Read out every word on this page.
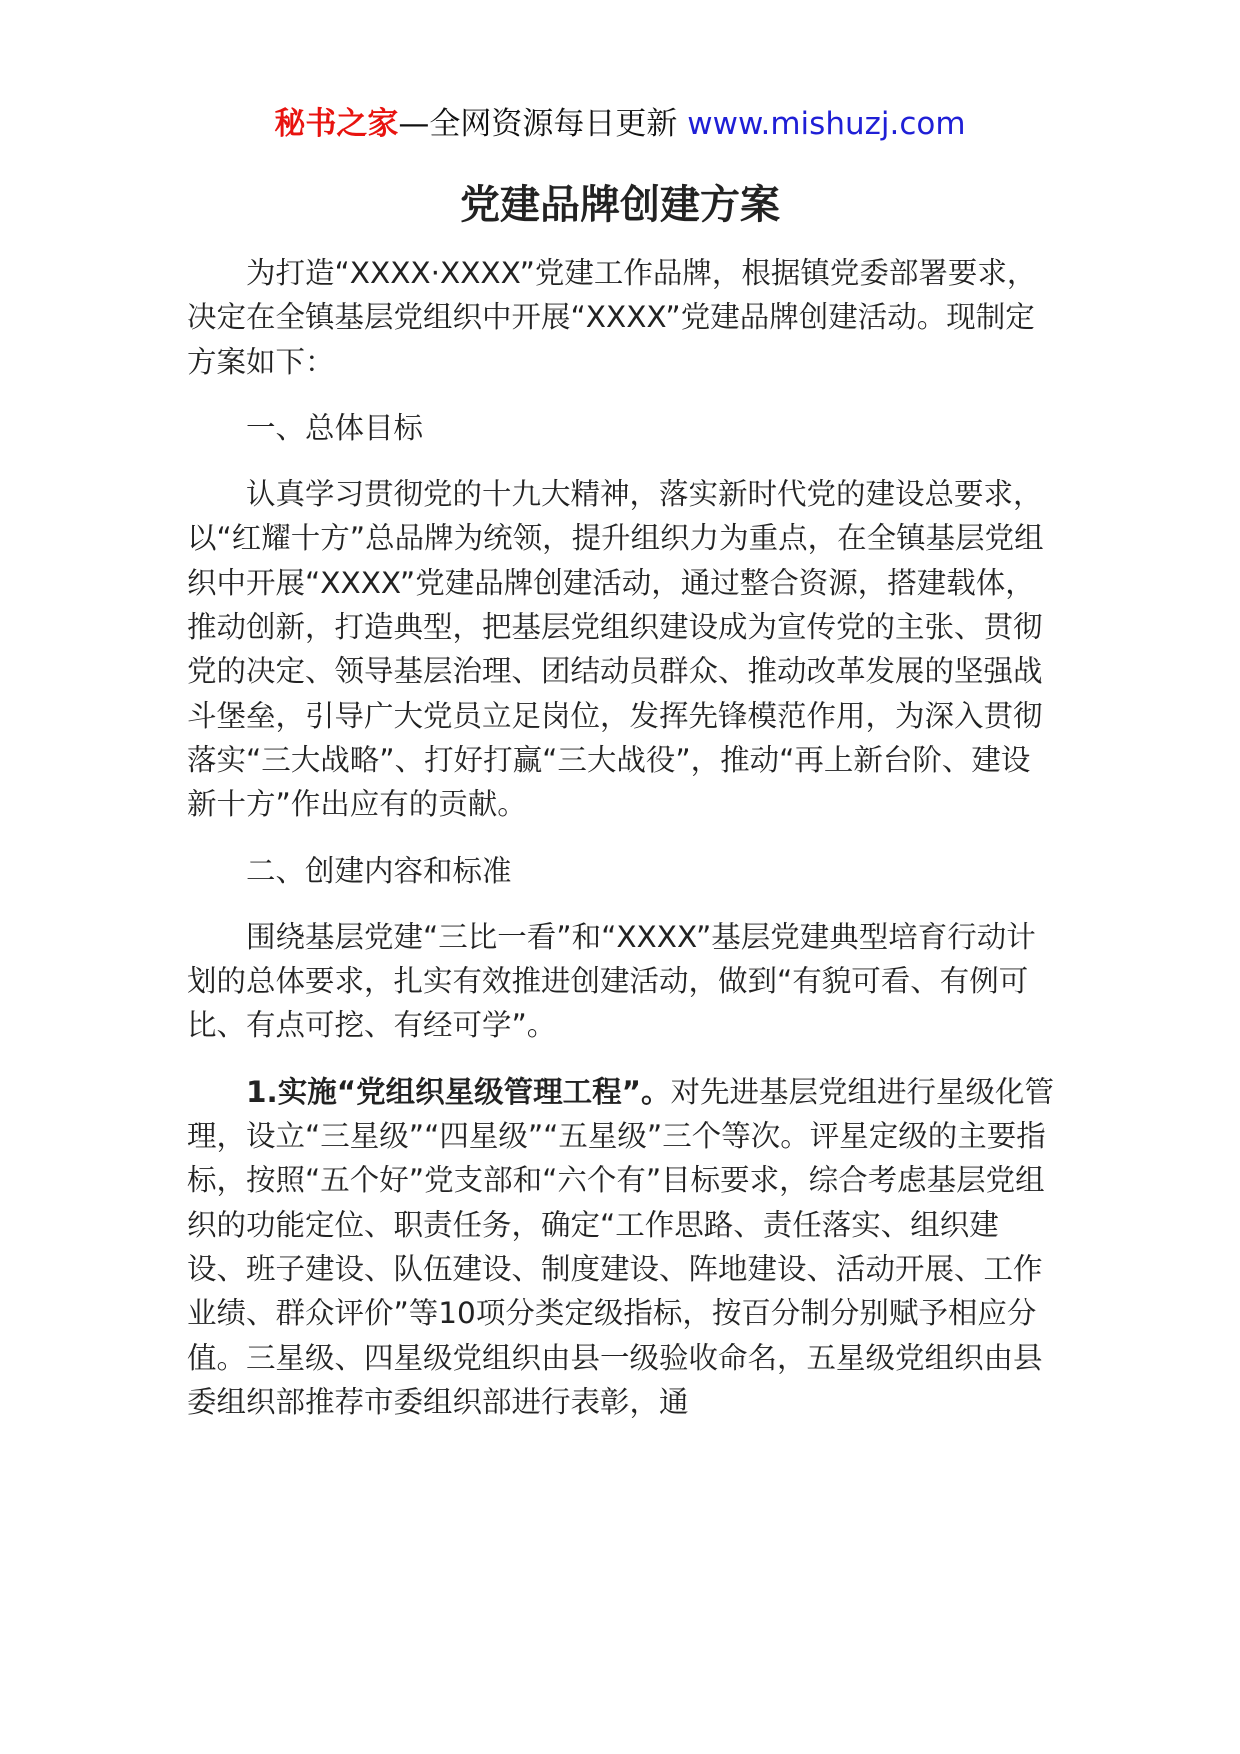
秘书之家—全网资源每日更新 www.mishuzj.com
党建品牌创建方案

为打造“XXXX·XXXX”党建工作品牌，根据镇党委部署要求，决定在全镇基层党组织中开展“XXXX”党建品牌创建活动。现制定方案如下：

一、总体目标

认真学习贯彻党的十九大精神，落实新时代党的建设总要求，以“红耀十方”总品牌为统领，提升组织力为重点，在全镇基层党组织中开展“XXXX”党建品牌创建活动，通过整合资源，搭建载体，推动创新，打造典型，把基层党组织建设成为宣传党的主张、贯彻党的决定、领导基层治理、团结动员群众、推动改革发展的坚强战斗堡垒，引导广大党员立足岗位，发挥先锋模范作用，为深入贯彻落实“三大战略”、打好打赢“三大战役”，推动“再上新台阶、建设新十方”作出应有的贡献。

二、创建内容和标准

围绕基层党建“三比一看”和“XXXX”基层党建典型培育行动计划的总体要求，扎实有效推进创建活动，做到“有貌可看、有例可比、有点可挖、有经可学”。

1.实施“党组织星级管理工程”。对先进基层党组进行星级化管理，设立“三星级”“四星级”“五星级”三个等次。评星定级的主要指标，按照“五个好”党支部和“六个有”目标要求，综合考虑基层党组织的功能定位、职责任务，确定“工作思路、责任落实、组织建设、班子建设、队伍建设、制度建设、阵地建设、活动开展、工作业绩、群众评价”等10项分类定级指标，按百分制分别赋予相应分值。三星级、四星级党组织由县一级验收命名，五星级党组织由县委组织部推荐市委组织部进行表彰，通
